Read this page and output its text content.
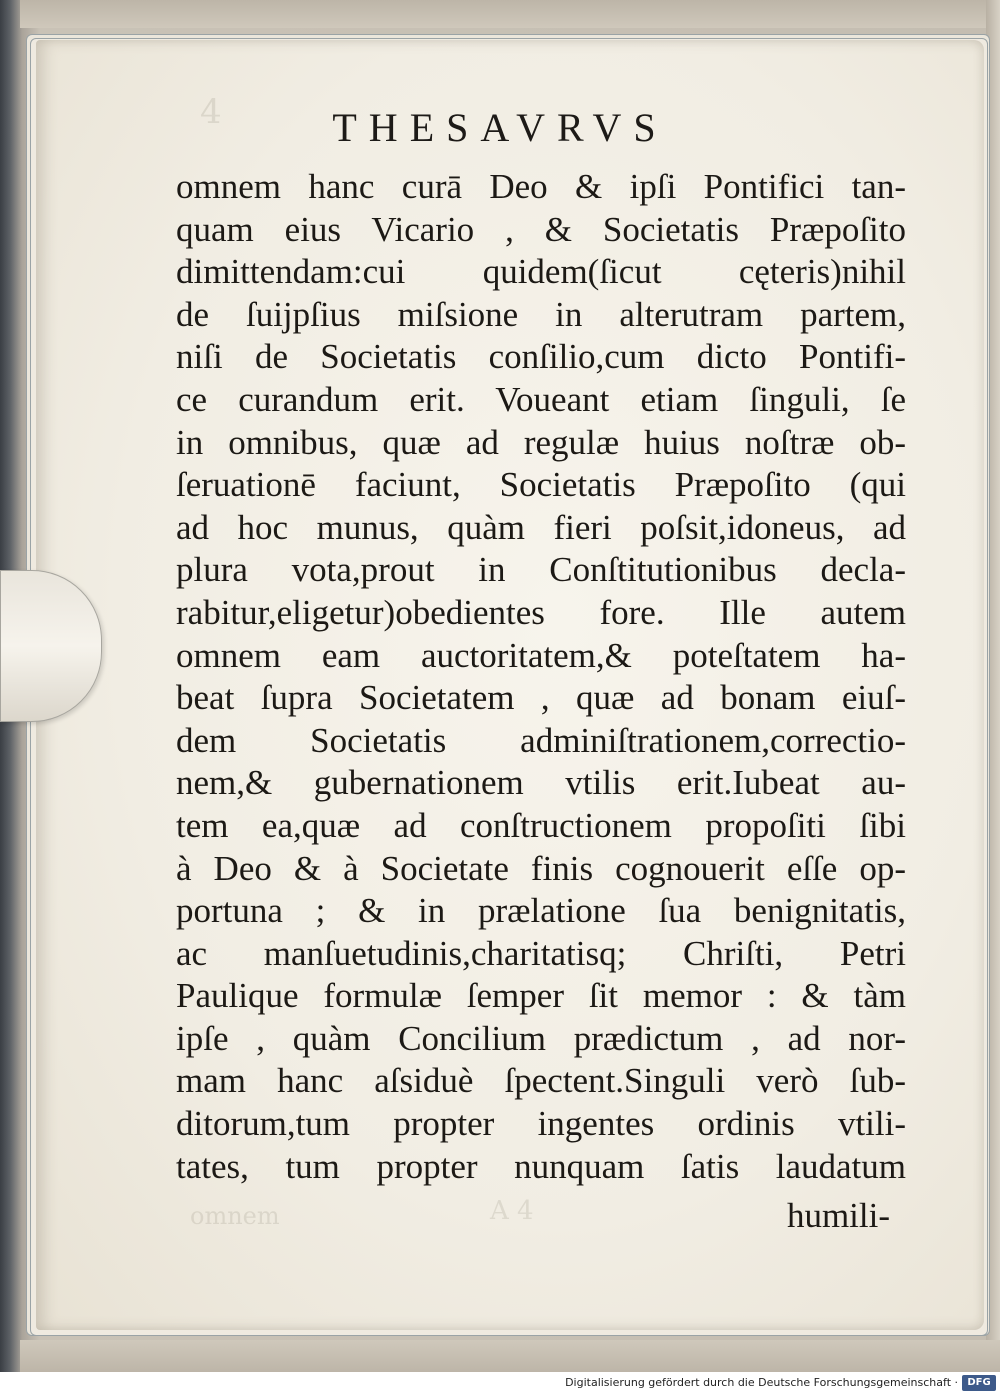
4
omnem	A 4
THESAVRVS
omnem hanc curā Deo & ipſi Pontifici tan-
quam eius Vicario , & Societatis Præpoſito
dimittendam:cui quidem(ſicut cęteris)nihil
de ſuijpſius miſsione in alterutram partem,
niſi de Societatis conſilio,cum dicto Pontifi-
ce curandum erit. Voueant etiam ſinguli, ſe
in omnibus, quæ ad regulæ huius noſtræ ob-
ſeruationē faciunt, Societatis Præpoſito (qui
ad hoc munus, quàm fieri poſsit,idoneus, ad
plura vota,prout in Conſtitutionibus decla-
rabitur,eligetur)obedientes fore. Ille autem
omnem eam auctoritatem,& poteſtatem ha-
beat ſupra Societatem , quæ ad bonam eiuſ-
dem Societatis adminiſtrationem,correctio-
nem,& gubernationem vtilis erit.Iubeat au-
tem ea,quæ ad conſtructionem propoſiti ſibi
à Deo & à Societate finis cognouerit eſſe op-
portuna ; & in prælatione ſua benignitatis,
ac manſuetudinis,charitatisq; Chriſti, Petri
Paulique formulæ ſemper ſit memor : & tàm
ipſe , quàm Concilium prædictum , ad nor-
mam hanc aſsiduè ſpectent.Singuli verò ſub-
ditorum,tum propter ingentes ordinis vtili-
tates, tum propter nunquam ſatis laudatum
humili-
Digitalisierung gefördert durch die Deutsche Forschungsgemeinschaft · DFG
